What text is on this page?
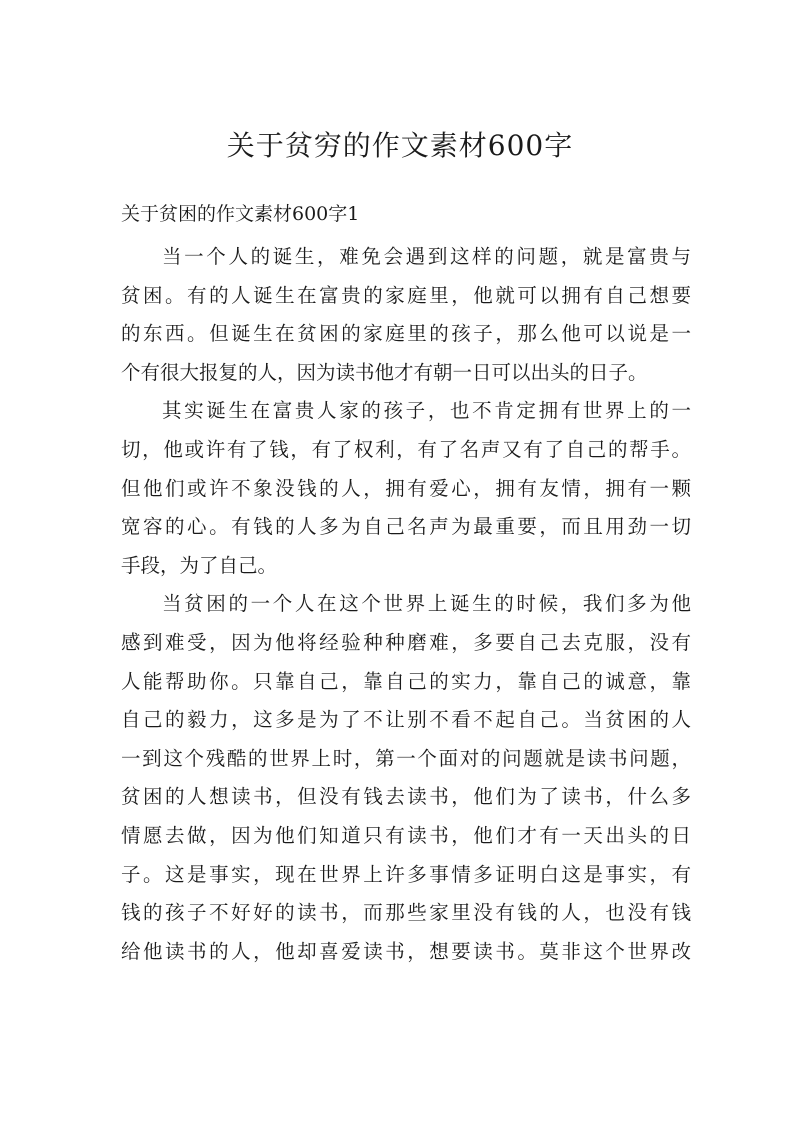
关于贫穷的作文素材600字
关于贫困的作文素材600字1
当一个人的诞生，难免会遇到这样的问题，就是富贵与
贫困。有的人诞生在富贵的家庭里，他就可以拥有自己想要
的东西。但诞生在贫困的家庭里的孩子，那么他可以说是一
个有很大报复的人，因为读书他才有朝一日可以出头的日子。
其实诞生在富贵人家的孩子，也不肯定拥有世界上的一
切，他或许有了钱，有了权利，有了名声又有了自己的帮手。
但他们或许不象没钱的人，拥有爱心，拥有友情，拥有一颗
宽容的心。有钱的人多为自己名声为最重要，而且用劲一切
手段，为了自己。
当贫困的一个人在这个世界上诞生的时候，我们多为他
感到难受，因为他将经验种种磨难，多要自己去克服，没有
人能帮助你。只靠自己，靠自己的实力，靠自己的诚意，靠
自己的毅力，这多是为了不让别不看不起自己。当贫困的人
一到这个残酷的世界上时，第一个面对的问题就是读书问题，
贫困的人想读书，但没有钱去读书，他们为了读书，什么多
情愿去做，因为他们知道只有读书，他们才有一天出头的日
子。这是事实，现在世界上许多事情多证明白这是事实，有
钱的孩子不好好的读书，而那些家里没有钱的人，也没有钱
给他读书的人，他却喜爱读书，想要读书。莫非这个世界改
